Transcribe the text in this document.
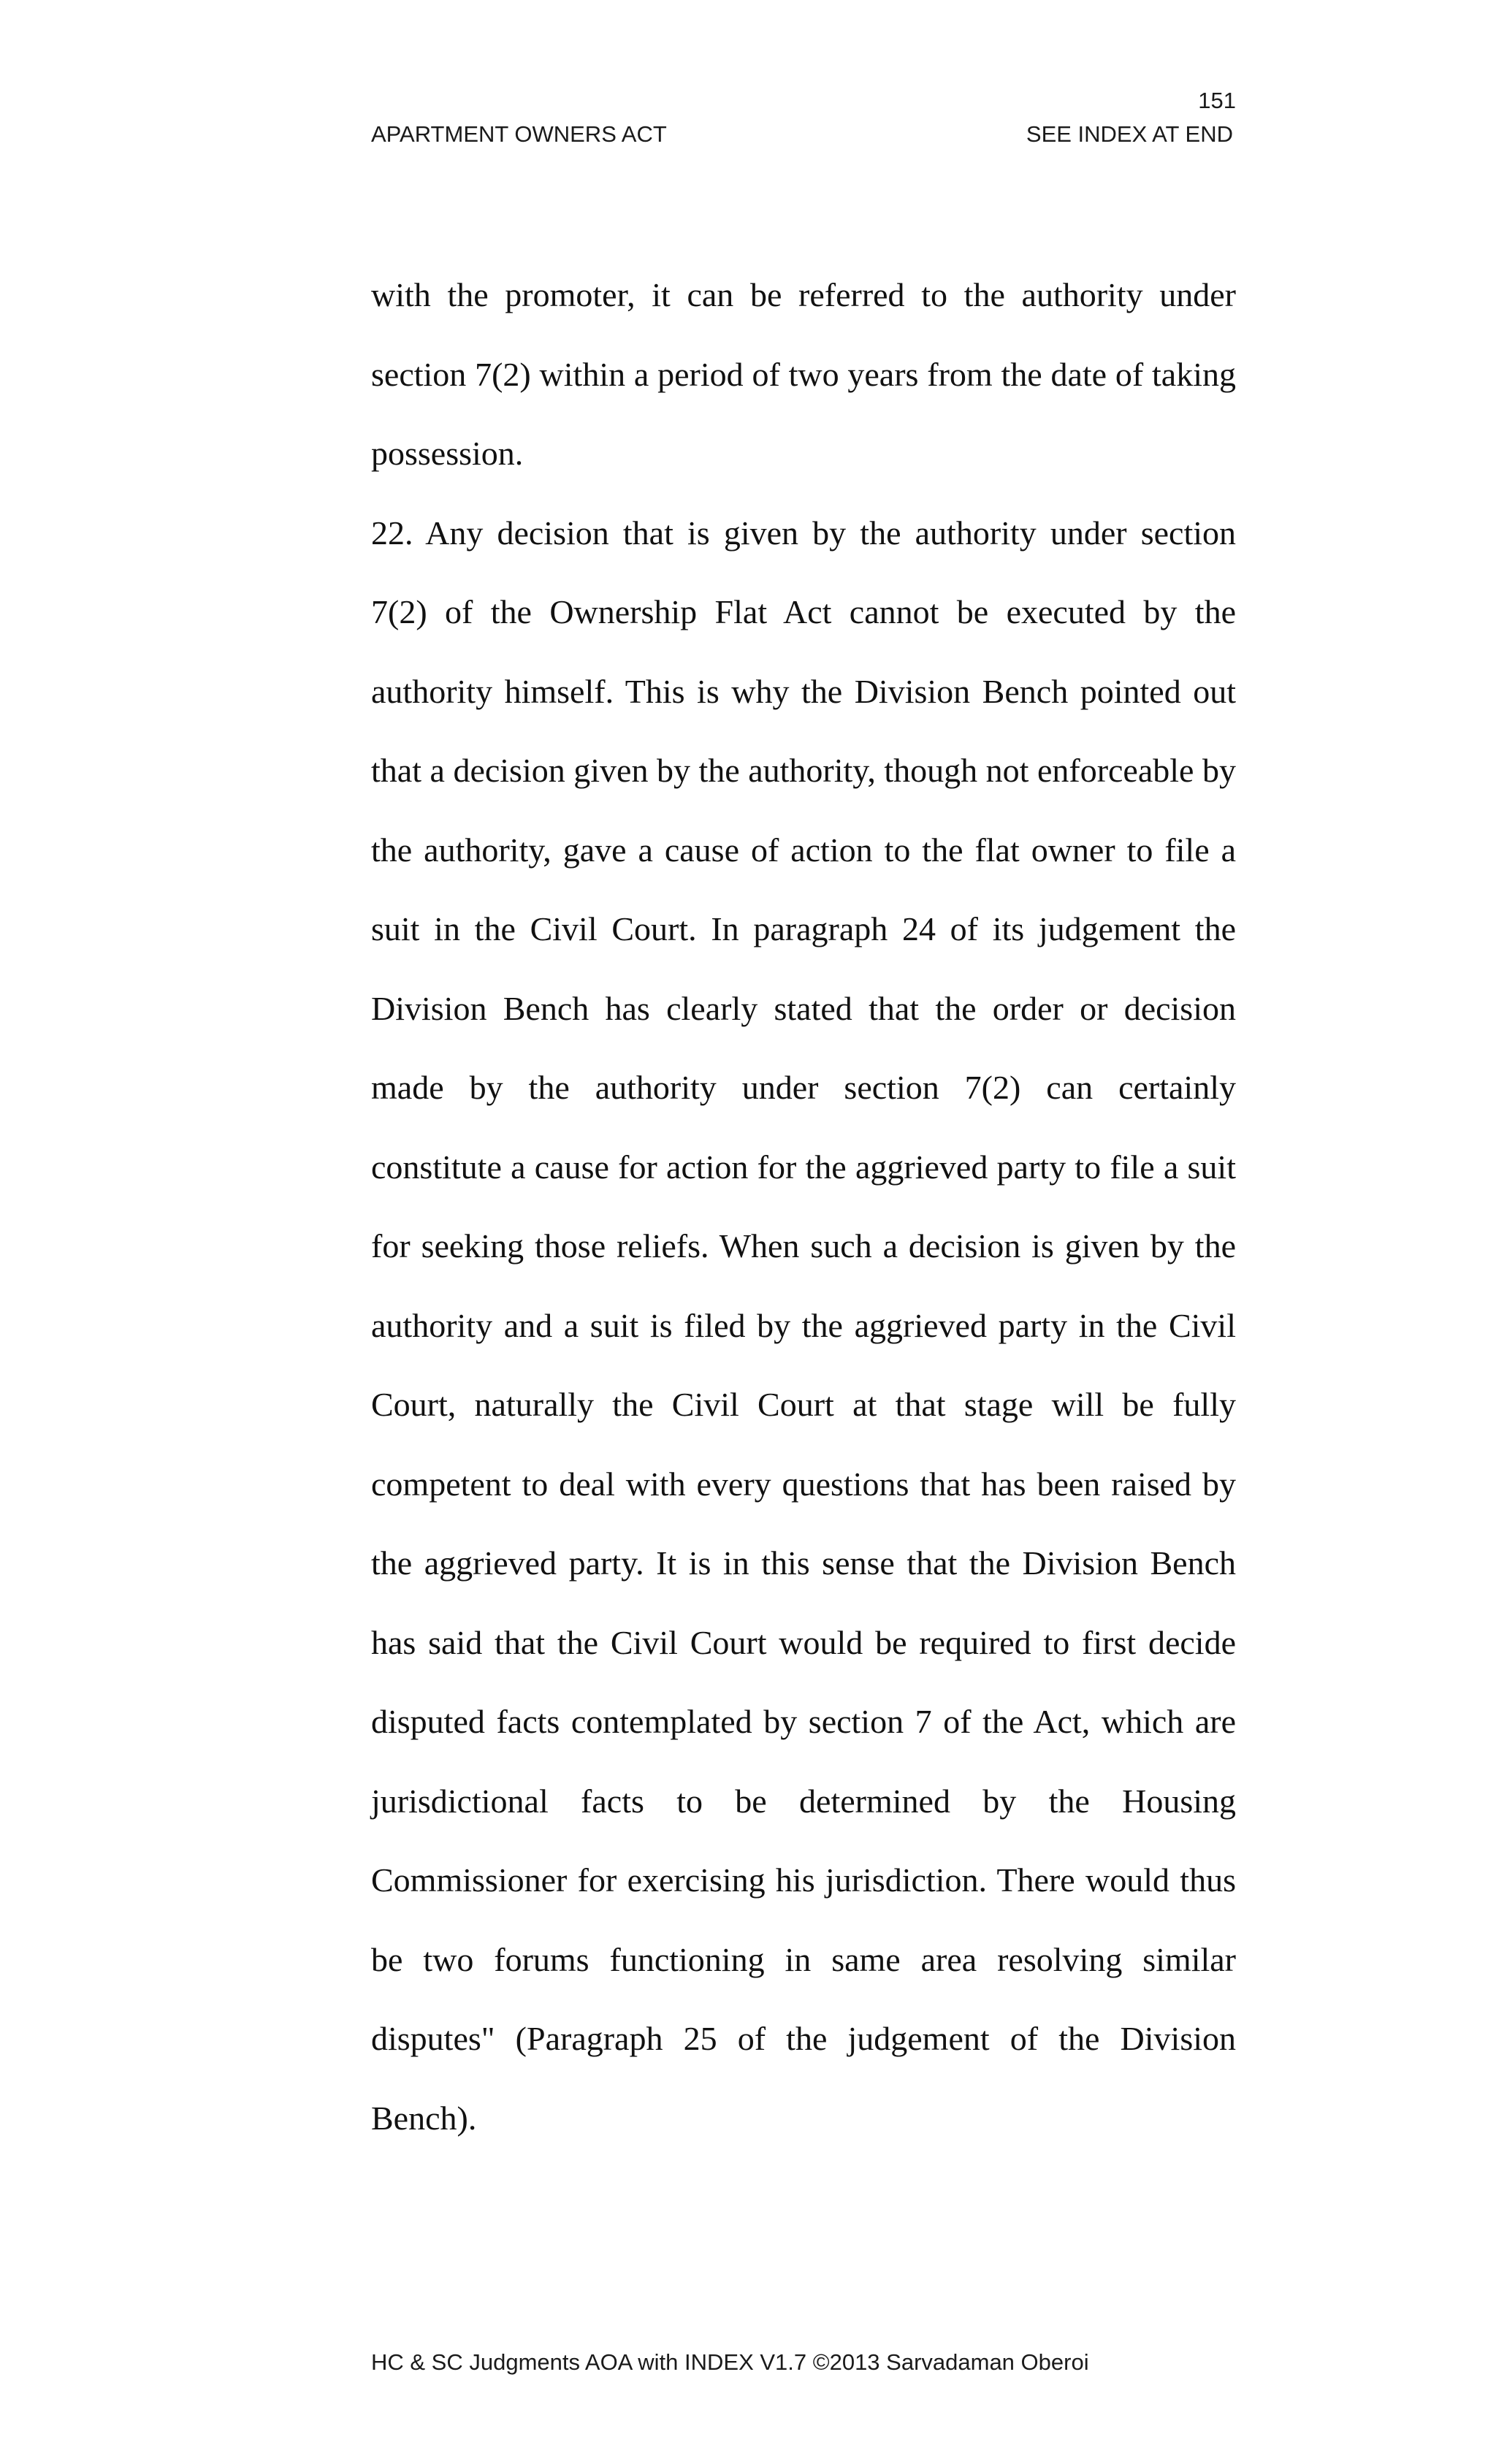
151
APARTMENT OWNERS ACT	SEE INDEX AT END

with the promoter, it can be referred to the authority under section 7(2) within a period of two years from the date of taking possession.

22. Any decision that is given by the authority under section 7(2) of the Ownership Flat Act cannot be executed by the authority himself. This is why the Division Bench pointed out that a decision given by the authority, though not enforceable by the authority, gave a cause of action to the flat owner to file a suit in the Civil Court. In paragraph 24 of its judgement the Division Bench has clearly stated that the order or decision made by the authority under section 7(2) can certainly constitute a cause for action for the aggrieved party to file a suit for seeking those reliefs. When such a decision is given by the authority and a suit is filed by the aggrieved party in the Civil Court, naturally the Civil Court at that stage will be fully competent to deal with every questions that has been raised by the aggrieved party. It is in this sense that the Division Bench has said that the Civil Court would be required to first decide disputed facts contemplated by section 7 of the Act, which are jurisdictional facts to be determined by the Housing Commissioner for exercising his jurisdiction. There would thus be two forums functioning in same area resolving similar disputes" (Paragraph 25 of the judgement of the Division Bench).

HC & SC Judgments AOA with INDEX V1.7 ©2013 Sarvadaman Oberoi
